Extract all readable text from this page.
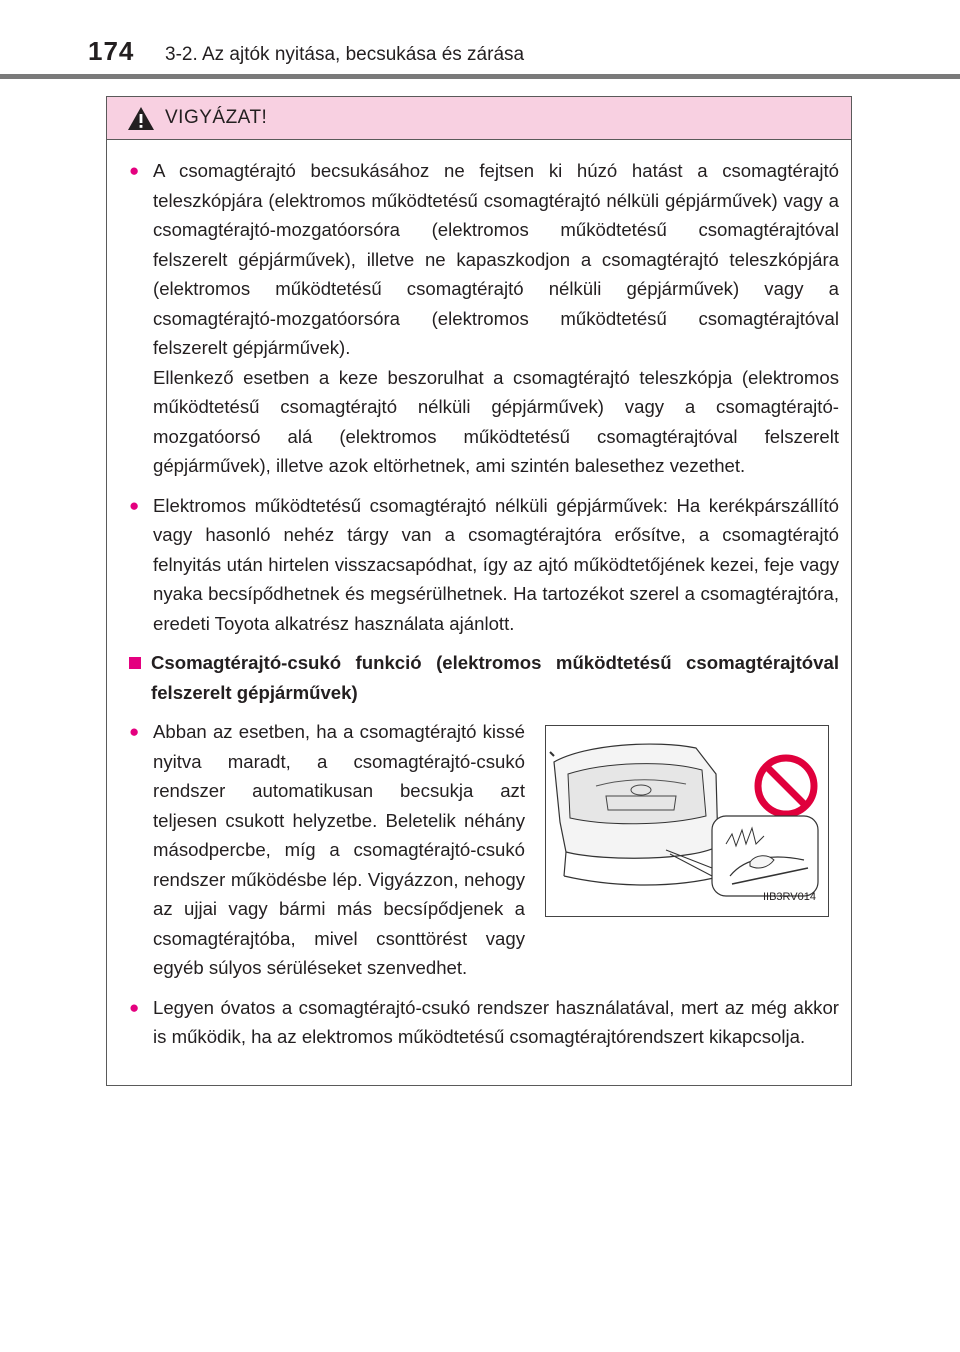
174 3-2. Az ajtók nyitása, becsukása és zárása
VIGYÁZAT!
● A csomagtérajtó becsukásához ne fejtsen ki húzó hatást a csomagtérajtó teleszkópjára (elektromos működtetésű csomagtérajtó nélküli gépjárművek) vagy a csomagtérajtó-mozgatóorsóra (elektromos működtetésű csomagtérajtóval felszerelt gépjárművek), illetve ne kapaszkodjon a csomagtérajtó teleszkópjára (elektromos működtetésű csomagtérajtó nélküli gépjárművek) vagy a csomagtérajtó-mozgatóorsóra (elektromos működtetésű csomagtérajtóval felszerelt gépjárművek).

Ellenkező esetben a keze beszorulhat a csomagtérajtó teleszkópja (elektromos működtetésű csomagtérajtó nélküli gépjárművek) vagy a csomagtérajtó-mozgatóorsó alá (elektromos működtetésű csomagtérajtóval felszerelt gépjárművek), illetve azok eltörhetnek, ami szintén balesethez vezethet.

● Elektromos működtetésű csomagtérajtó nélküli gépjárművek: Ha kerékpárszállító vagy hasonló nehéz tárgy van a csomagtérajtóra erősítve, a csomagtérajtó felnyitás után hirtelen visszacsapódhat, így az ajtó működtetőjének kezei, feje vagy nyaka becsípődhetnek és megsérülhetnek. Ha tartozékot szerel a csomagtérajtóra, eredeti Toyota alkatrész használata ajánlott.
Csomagtérajtó-csukó funkció (elektromos működtetésű csomagtérajtóval felszerelt gépjárművek)
● Abban az esetben, ha a csomagtérajtó kissé nyitva maradt, a csomagtérajtó-csukó rendszer automatikusan becsukja azt teljesen csukott helyzetbe. Beletelik néhány másodpercbe, míg a csomagtérajtó-csukó rendszer működésbe lép. Vigyázzon, nehogy az ujjai vagy bármi más becsípődjenek a csomagtérajtóba, mivel csonttörést vagy egyéb súlyos sérüléseket szenvedhet.
IIB3RV014
● Legyen óvatos a csomagtérajtó-csukó rendszer használatával, mert az még akkor is működik, ha az elektromos működtetésű csomagtérajtórendszert kikapcsolja.
